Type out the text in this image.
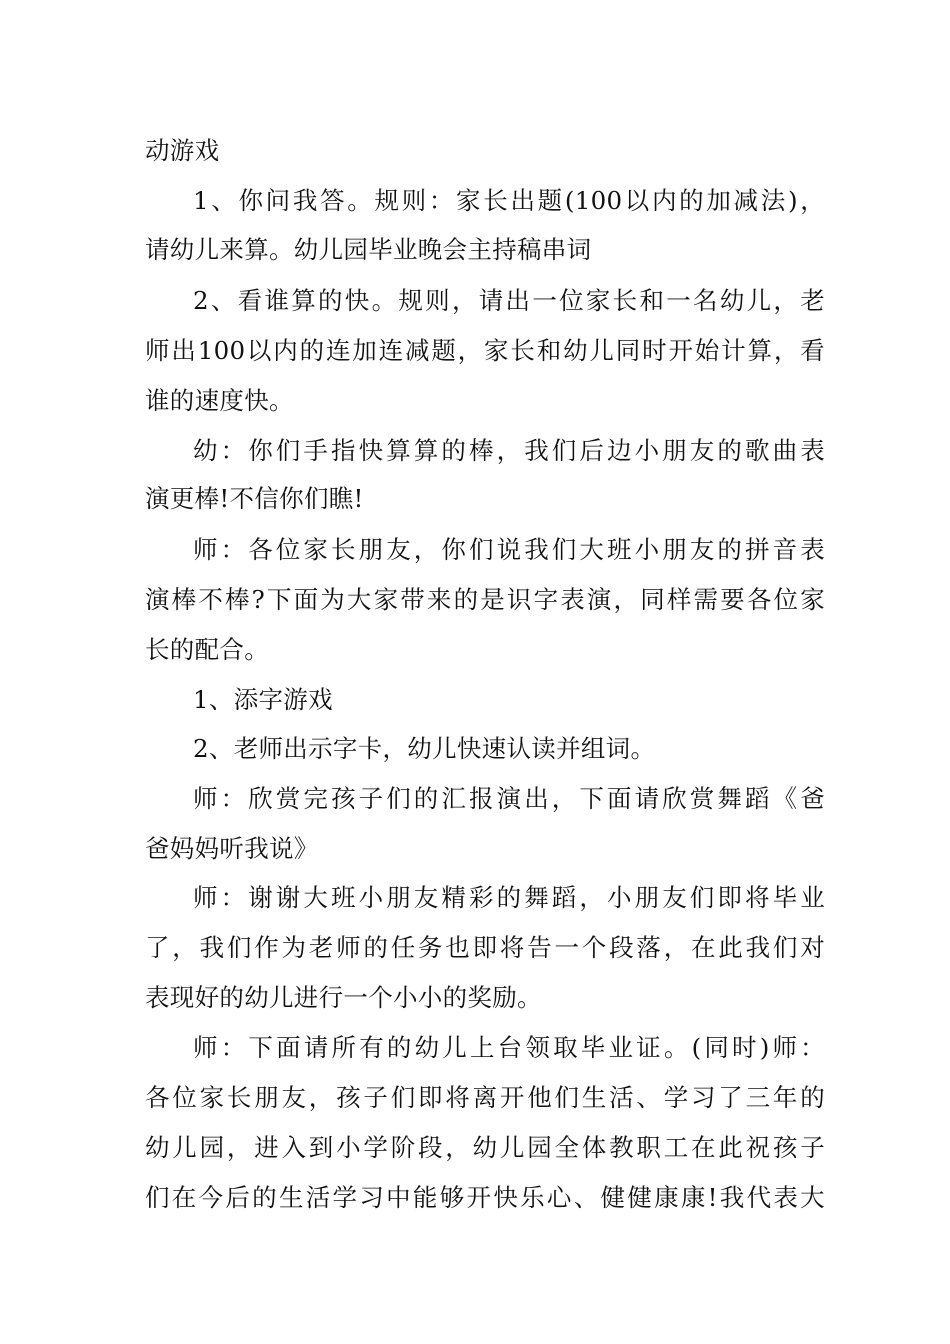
动游戏
1、你问我答。规则：家长出题(100以内的加减法)，
请幼儿来算。幼儿园毕业晚会主持稿串词
2、看谁算的快。规则，请出一位家长和一名幼儿，老
师出100以内的连加连减题，家长和幼儿同时开始计算，看
谁的速度快。
幼：你们手指快算算的棒，我们后边小朋友的歌曲表
演更棒!不信你们瞧!
师：各位家长朋友，你们说我们大班小朋友的拼音表
演棒不棒?下面为大家带来的是识字表演，同样需要各位家
长的配合。
1、添字游戏
2、老师出示字卡，幼儿快速认读并组词。
师：欣赏完孩子们的汇报演出，下面请欣赏舞蹈《爸
爸妈妈听我说》
师：谢谢大班小朋友精彩的舞蹈，小朋友们即将毕业
了，我们作为老师的任务也即将告一个段落，在此我们对
表现好的幼儿进行一个小小的奖励。
师：下面请所有的幼儿上台领取毕业证。(同时)师：
各位家长朋友，孩子们即将离开他们生活、学习了三年的
幼儿园，进入到小学阶段，幼儿园全体教职工在此祝孩子
们在今后的生活学习中能够开快乐心、健健康康!我代表大
